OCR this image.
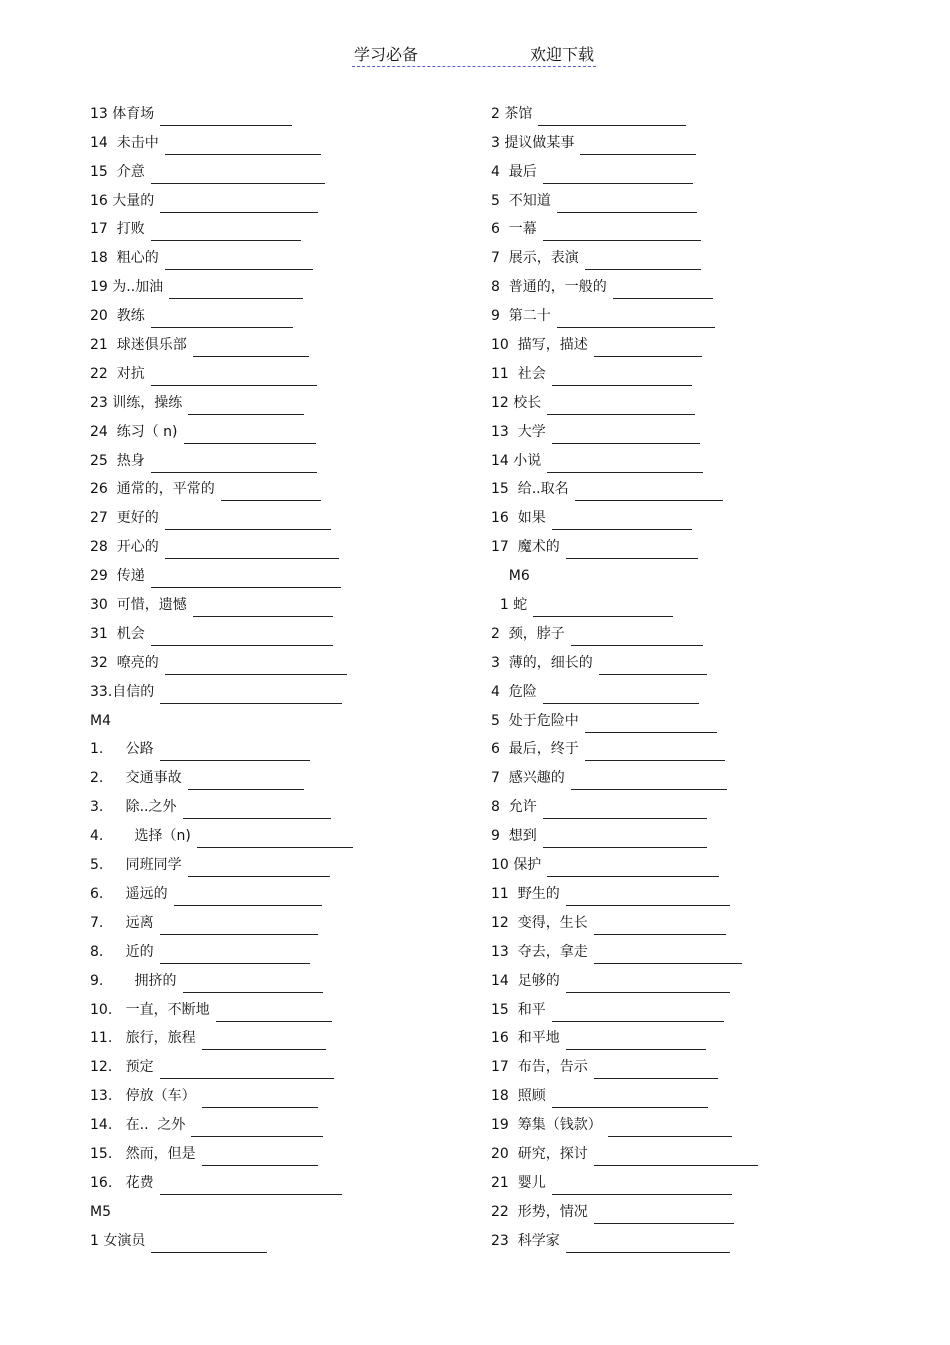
学习必备	欢迎下载
13 体育场
14  未击中
15  介意
16 大量的
17  打败
18  粗心的
19 为..加油
20  教练
21  球迷俱乐部
22  对抗
23 训练，操练
24  练习（ n)
25  热身
26  通常的，平常的
27  更好的
28  开心的
29  传递
30  可惜，遗憾
31  机会
32  嘹亮的
33.自信的
M4
1.     公路
2.     交通事故
3.     除..之外
4.       选择（n)
5.     同班同学
6.     遥远的
7.     远离
8.     近的
9.       拥挤的
10.   一直，不断地
11.   旅行，旅程
12.   预定
13.   停放（车）
14.   在..  之外
15.   然而，但是
16.   花费
M5
1 女演员
2 茶馆
3 提议做某事
4  最后
5  不知道
6  一幕
7  展示，表演
8  普通的，一般的
9  第二十
10  描写，描述
11  社会
12 校长
13  大学
14 小说
15  给..取名
16  如果
17  魔术的
M6
1 蛇
2  颈，脖子
3  薄的，细长的
4  危险
5  处于危险中
6  最后，终于
7  感兴趣的
8  允许
9  想到
10 保护
11  野生的
12  变得，生长
13  夺去，拿走
14  足够的
15  和平
16  和平地
17  布告，告示
18  照顾
19  筹集（钱款）
20  研究，探讨
21  婴儿
22  形势，情况
23  科学家
